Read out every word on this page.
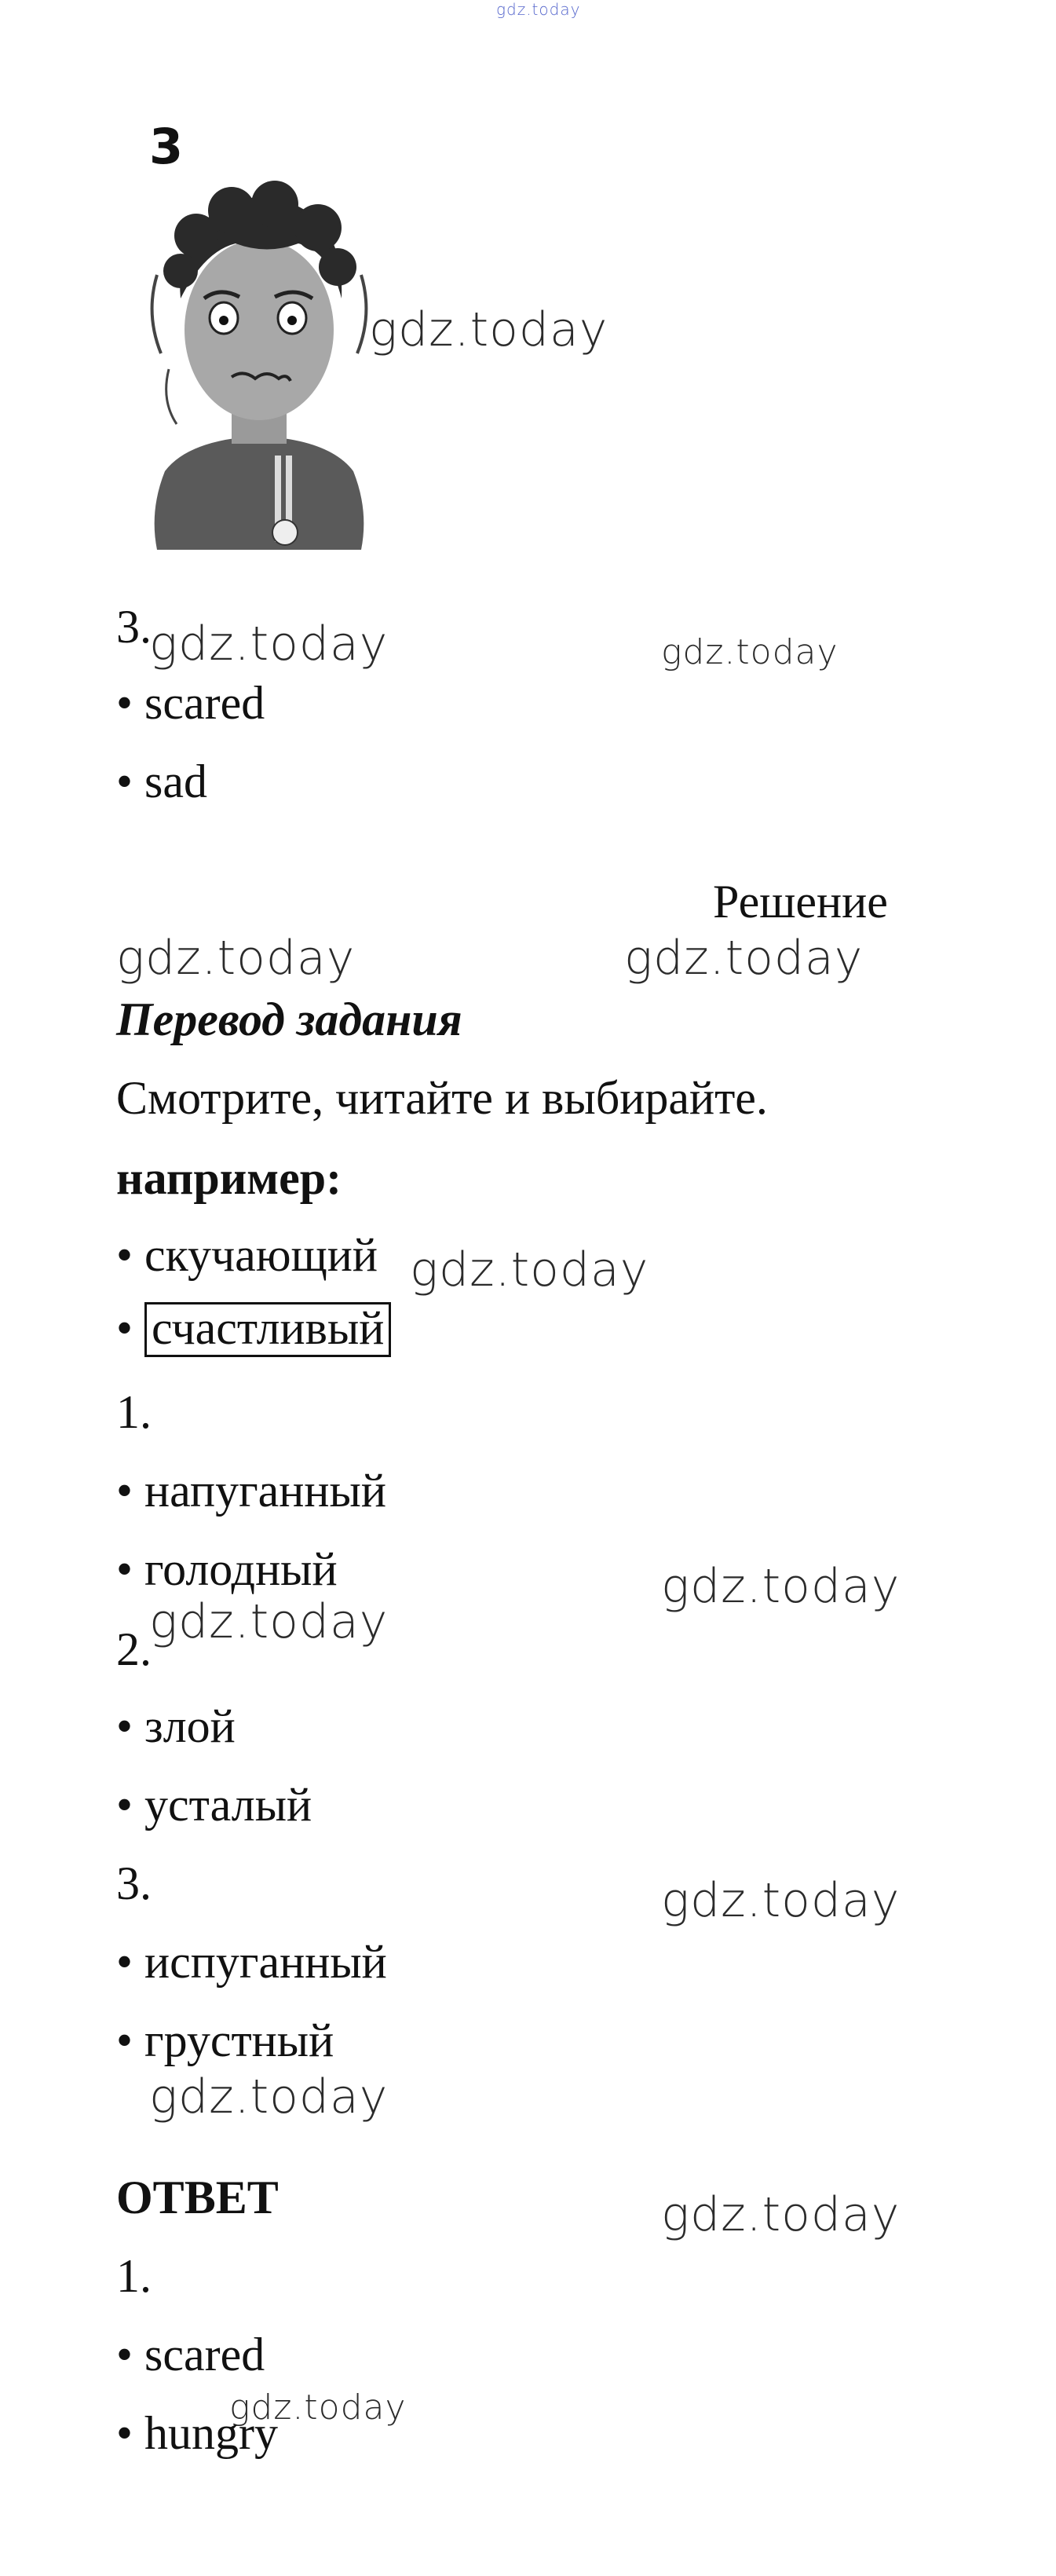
gdz.today
3
gdz.today
3.
gdz.today	gdz.today
• scared
• sad
Решение
gdz.today	gdz.today
Перевод задания
Смотрите, читайте и выбирайте.
например:
• скучающий gdz.today
• счастливый
1.
• напуганный
• голодный	gdz.today
gdz.today
2.
• злой
• усталый
3.	gdz.today
• испуганный
• грустный
gdz.today
ОТВЕТ	gdz.today
1.
• scared
gdz.today
• hungry
